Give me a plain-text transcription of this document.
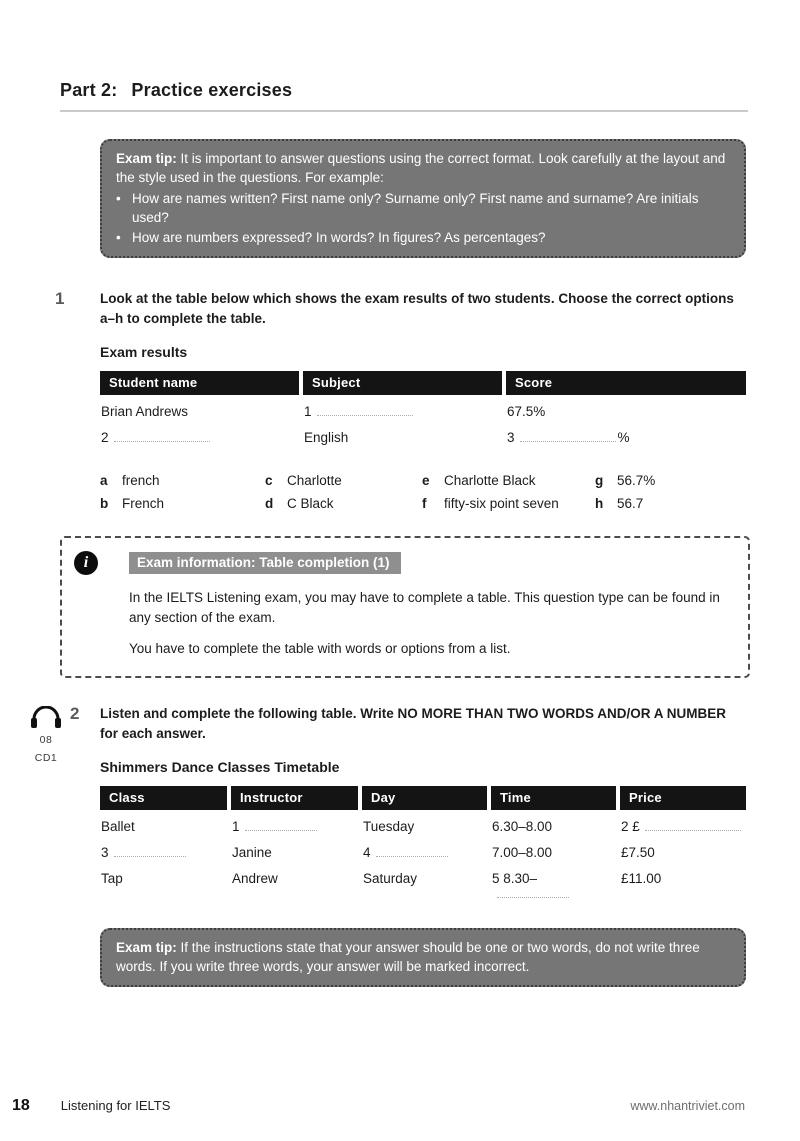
Part 2: Practice exercises

Exam tip: It is important to answer questions using the correct format. Look carefully at the layout and the style used in the questions. For example:

• How are names written? First name only? Surname only? First name and surname? Are initials used?
• How are numbers expressed? In words? In figures? As percentages?
1	Look at the table below which shows the exam results of two students. Choose the correct options a–h to complete the table.

Exam results
Student name	Subject	Score
Brian Andrews	1	67.5%
2	English	3	%
a	french
b	French
c	Charlotte
d	C Black
e	Charlotte Black
f	fifty-six point seven
g	56.7%
h	56.7
i	Exam information: Table completion (1)

In the IELTS Listening exam, you may have to complete a table. This question type can be found in any section of the exam.

You have to complete the table with words or options from a list.

08
CD1
2	Listen and complete the following table. Write NO MORE THAN TWO WORDS AND/OR A NUMBER for each answer.

Shimmers Dance Classes Timetable
Class	Instructor	Day	Time	Price
Ballet	1	Tuesday	6.30–8.00	2 £
3	Janine	4	7.00–8.00	£7.50
Tap	Andrew	Saturday	5 8.30–	£11.00

Exam tip: If the instructions state that your answer should be one or two words, do not write three words. If you write three words, your answer will be marked incorrect.

18 Listening for IELTS	www.nhantriviet.com
